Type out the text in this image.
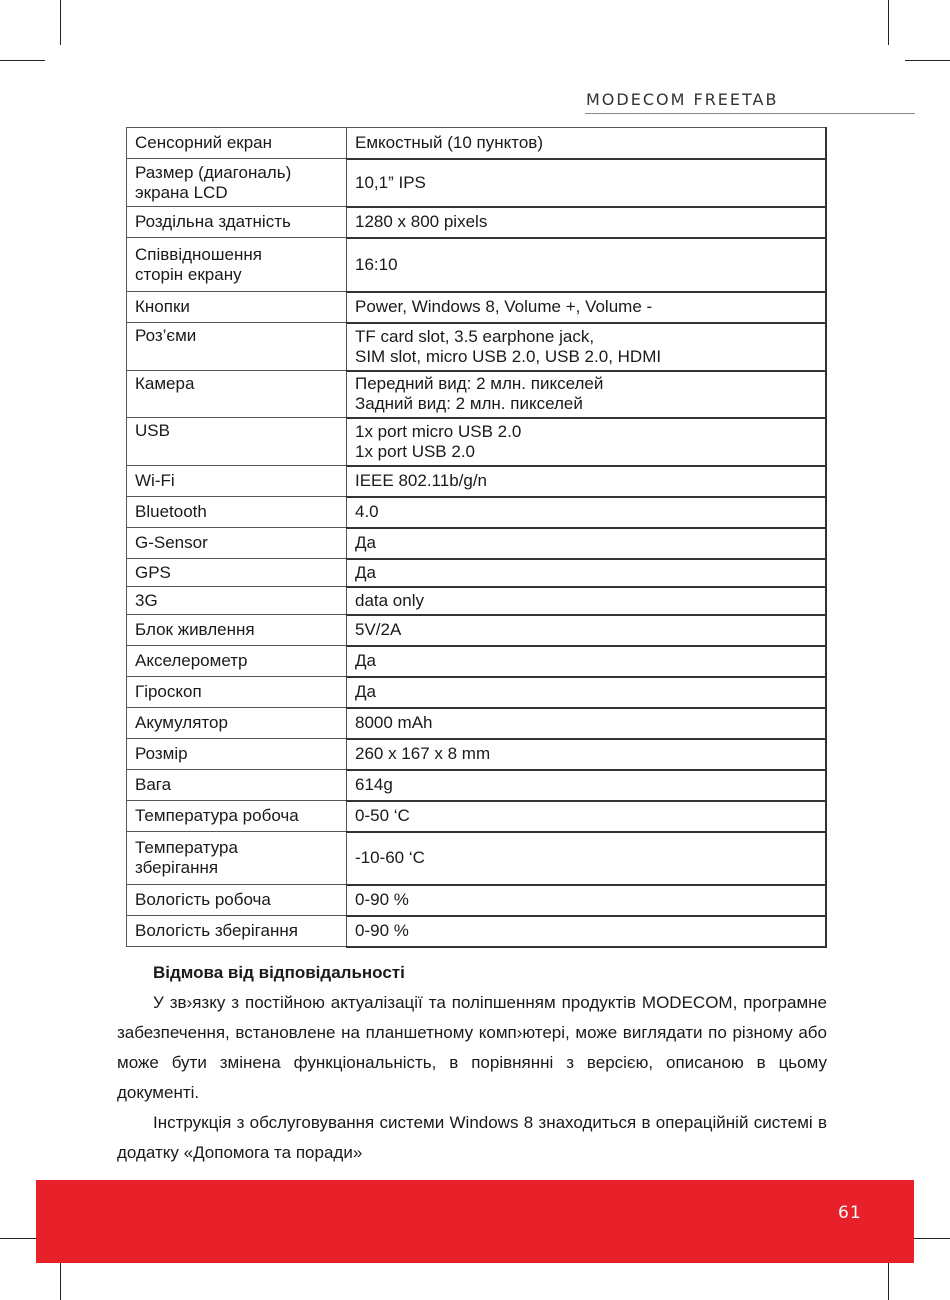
MODECOM FREETAB
Сенсорний екран	Емкостный (10 пунктов)
Размер (диагональ)
экрана LCD	10,1” IPS
Роздільна здатність	1280 x 800 pixels
Співвідношення
сторін екрану	16:10
Кнопки	Power, Windows 8, Volume +, Volume -
Роз’єми	TF card slot, 3.5 earphone jack,
SIM slot, micro USB 2.0, USB 2.0, HDMI
Камера	Передний вид: 2 млн. пикселей
Задний вид: 2 млн. пикселей
USB	1x port micro USB 2.0
1x port USB 2.0
Wi-Fi	IEEE 802.11b/g/n
Bluetooth	4.0
G-Sensor	Да
GPS	Да
3G	data only
Блок живлення	5V/2A
Акселерометр	Да
Гіроскоп	Да
Акумулятор	8000 mAh
Розмір	260 x 167 x 8 mm
Вага	614g
Температура робоча	0-50 ‘C
Температура
зберігання	-10-60 ‘C
Вологість робоча	0-90 %
Вологість зберігання	0-90 %

Відмова від відповідальності

У зв›язку з постійною актуалізації та поліпшенням продуктів MODECOM, програмне забезпечення, встановлене на планшетному комп›ютері, може виглядати по різному або може бути змінена функціональність, в порівнянні з версією, описаною в цьому документі.

Інструкція з обслуговування системи Windows 8 знаходиться в операційній системі в додатку «Допомога та поради»

61
